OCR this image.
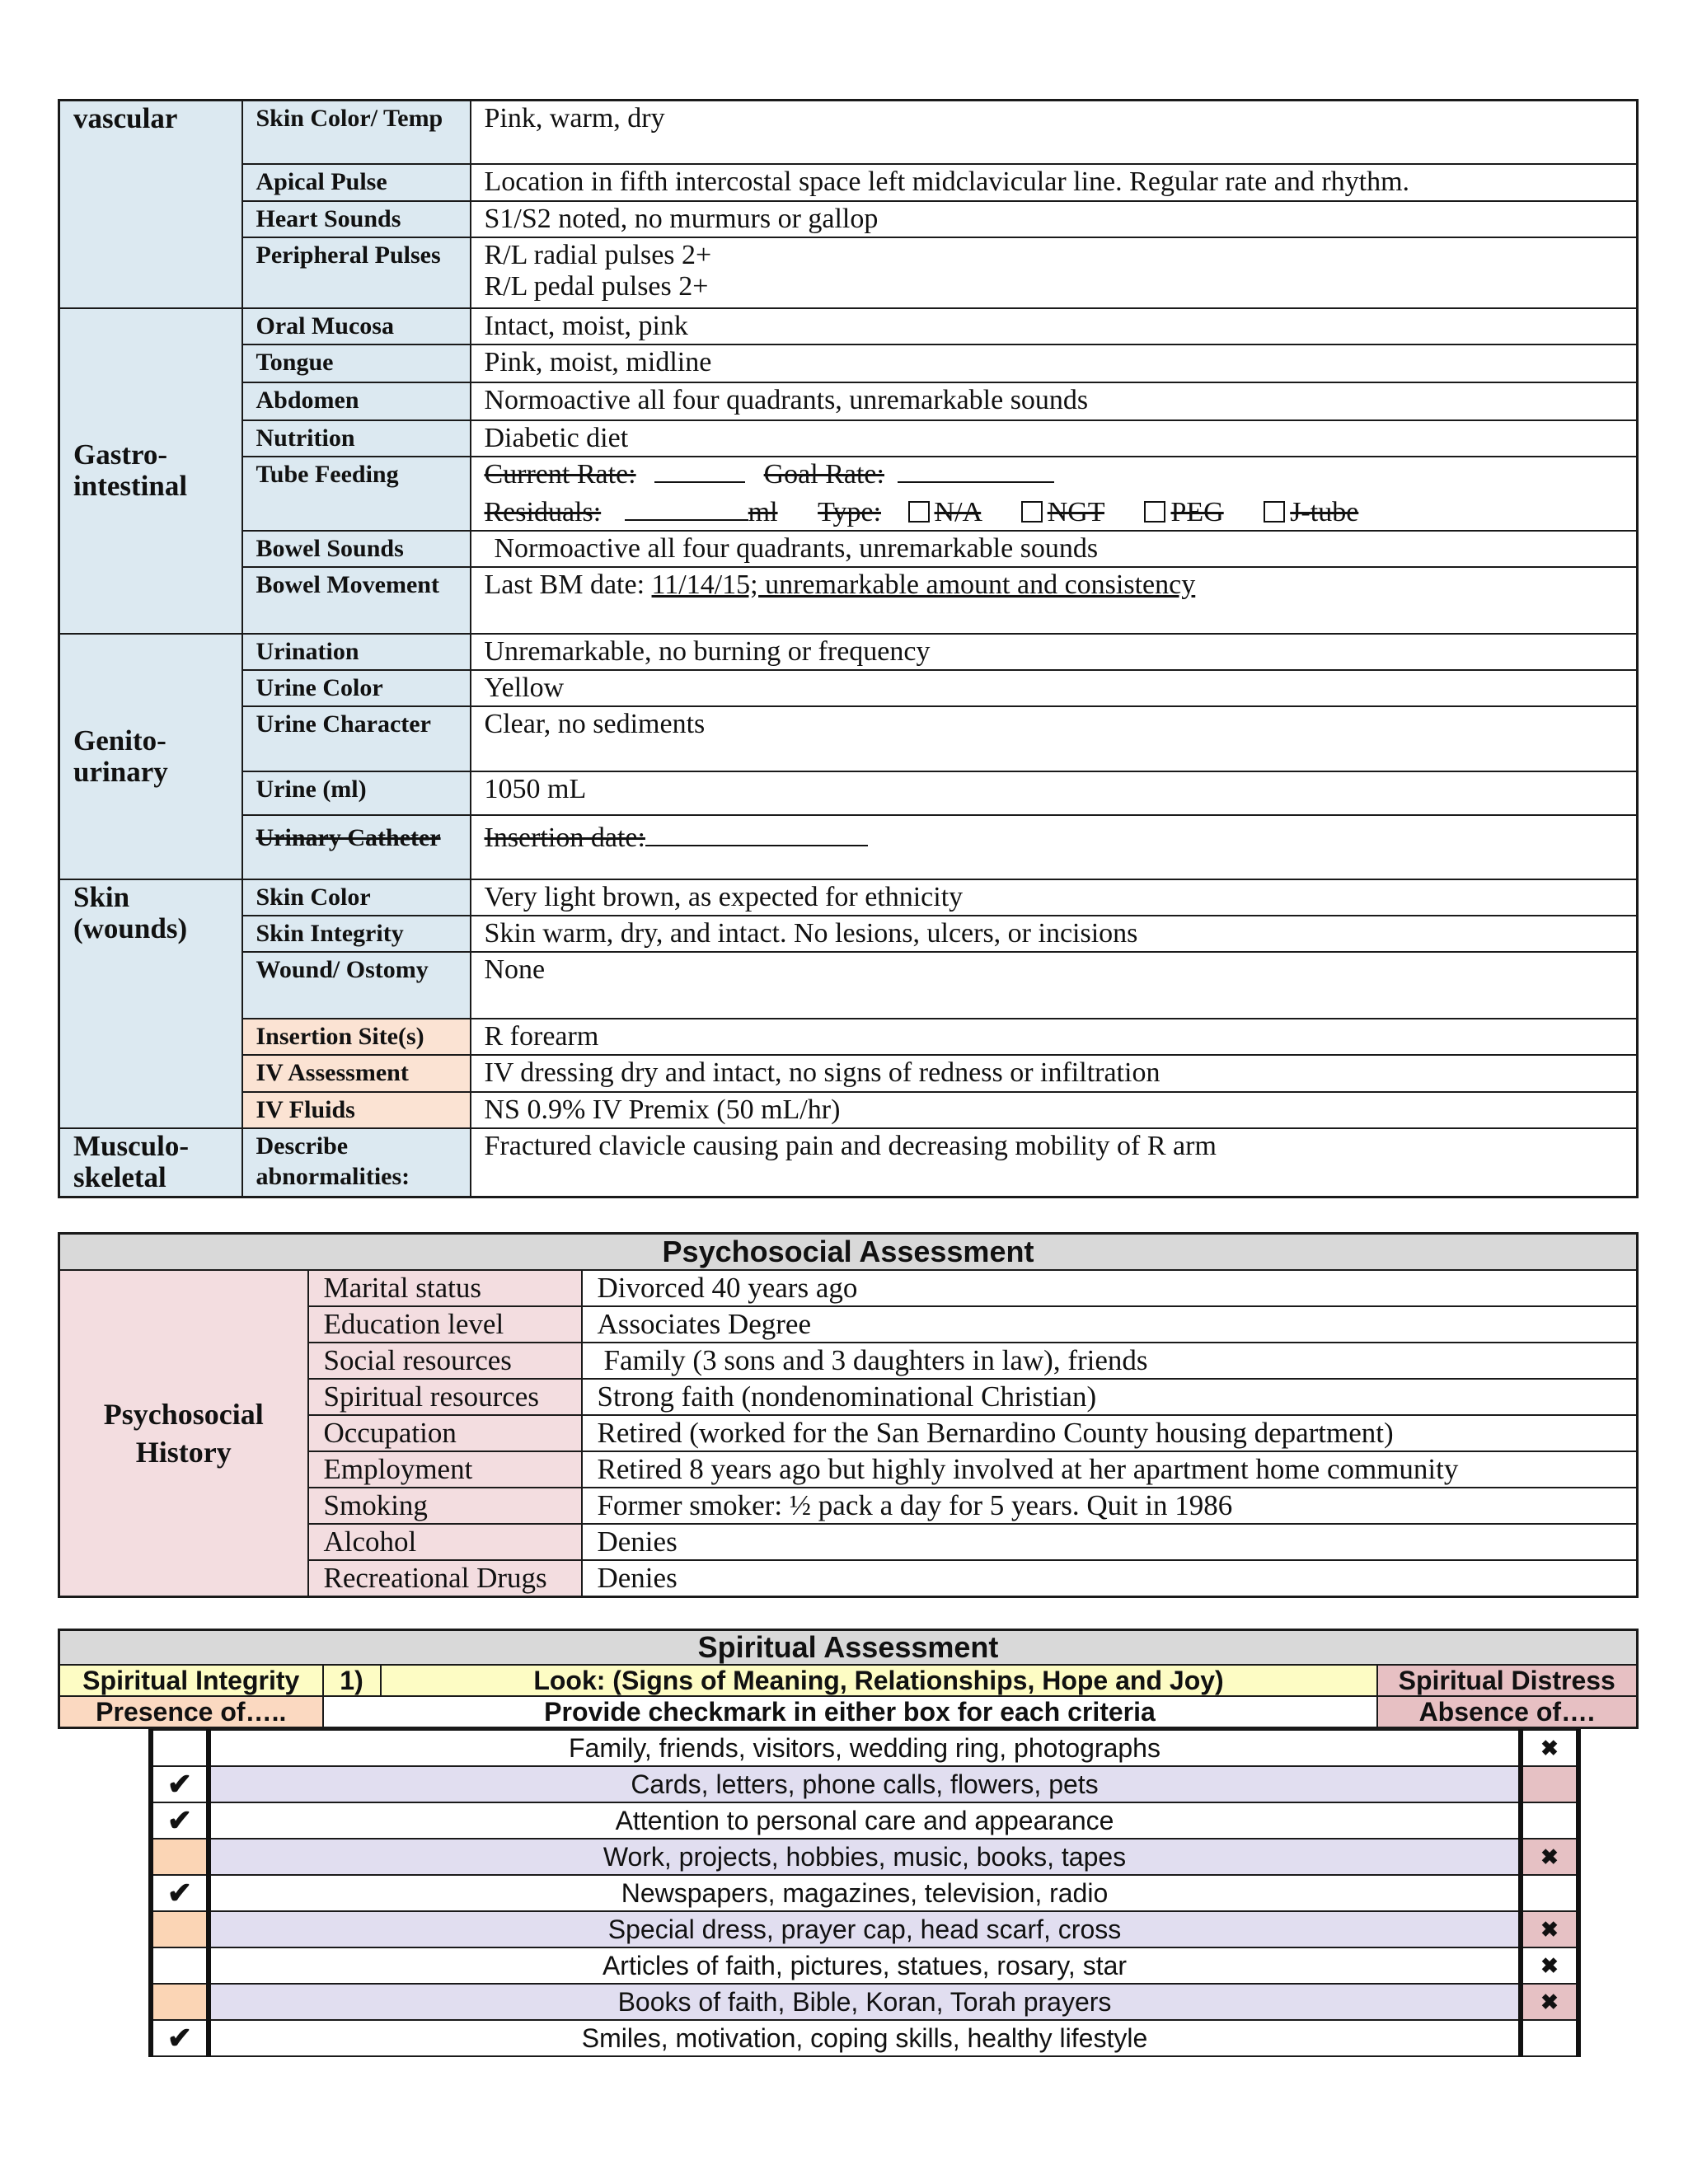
vascular	Skin Color/ Temp	Pink, warm, dry
	Apical Pulse	Location in fifth intercostal space left midclavicular line. Regular rate and rhythm.
	Heart Sounds	S1/S2 noted, no murmurs or gallop
	Peripheral Pulses	R/L radial pulses 2+
R/L pedal pulses 2+

Gastro- intestinal	Oral Mucosa	Intact, moist, pink
	Tongue	Pink, moist, midline
	Abdomen	Normoactive all four quadrants, unremarkable sounds
	Nutrition	Diabetic diet
	Tube Feeding	Current Rate: Goal Rate:
Residuals: ml Type: N/A NGT PEG J-tube

	Bowel Sounds	Normoactive all four quadrants, unremarkable sounds
	Bowel Movement	Last BM date: 11/14/15; unremarkable amount and consistency
Genito- urinary	Urination	Unremarkable, no burning or frequency
	Urine Color	Yellow
	Urine Character	Clear, no sediments
	Urine (ml)	1050 mL
	Urinary Catheter	Insertion date:
Skin (wounds)	Skin Color	Very light brown, as expected for ethnicity
	Skin Integrity	Skin warm, dry, and intact. No lesions, ulcers, or incisions
	Wound/ Ostomy	None
	Insertion Site(s)	R forearm
	IV Assessment	IV dressing dry and intact, no signs of redness or infiltration
	IV Fluids	NS 0.9% IV Premix (50 mL/hr)
Musculo- skeletal	Describe abnormalities:	Fractured clavicle causing pain and decreasing mobility of R arm
Psychosocial Assessment		
Psychosocial History	Marital status	Divorced 40 years ago
	Education level	Associates Degree
	Social resources	Family (3 sons and 3 daughters in law), friends
	Spiritual resources	Strong faith (nondenominational Christian)
	Occupation	Retired (worked for the San Bernardino County housing department)
	Employment	Retired 8 years ago but highly involved at her apartment home community
	Smoking	Former smoker: ½ pack a day for 5 years. Quit in 1986
	Alcohol	Denies
	Recreational Drugs	Denies
Spiritual Assessment			
Spiritual Integrity	1)	Look: (Signs of Meaning, Relationships, Hope and Joy)	Spiritual Distress
Presence of…..	Provide checkmark in either box for each criteria		Absence of….
	Family, friends, visitors, wedding ring, photographs	✖
✔	Cards, letters, phone calls, flowers, pets	
✔	Attention to personal care and appearance	
	Work, projects, hobbies, music, books, tapes	✖
✔	Newspapers, magazines, television, radio	
	Special dress, prayer cap, head scarf, cross	✖
	Articles of faith, pictures, statues, rosary, star	✖
	Books of faith, Bible, Koran, Torah prayers	✖
✔	Smiles, motivation, coping skills, healthy lifestyle	
